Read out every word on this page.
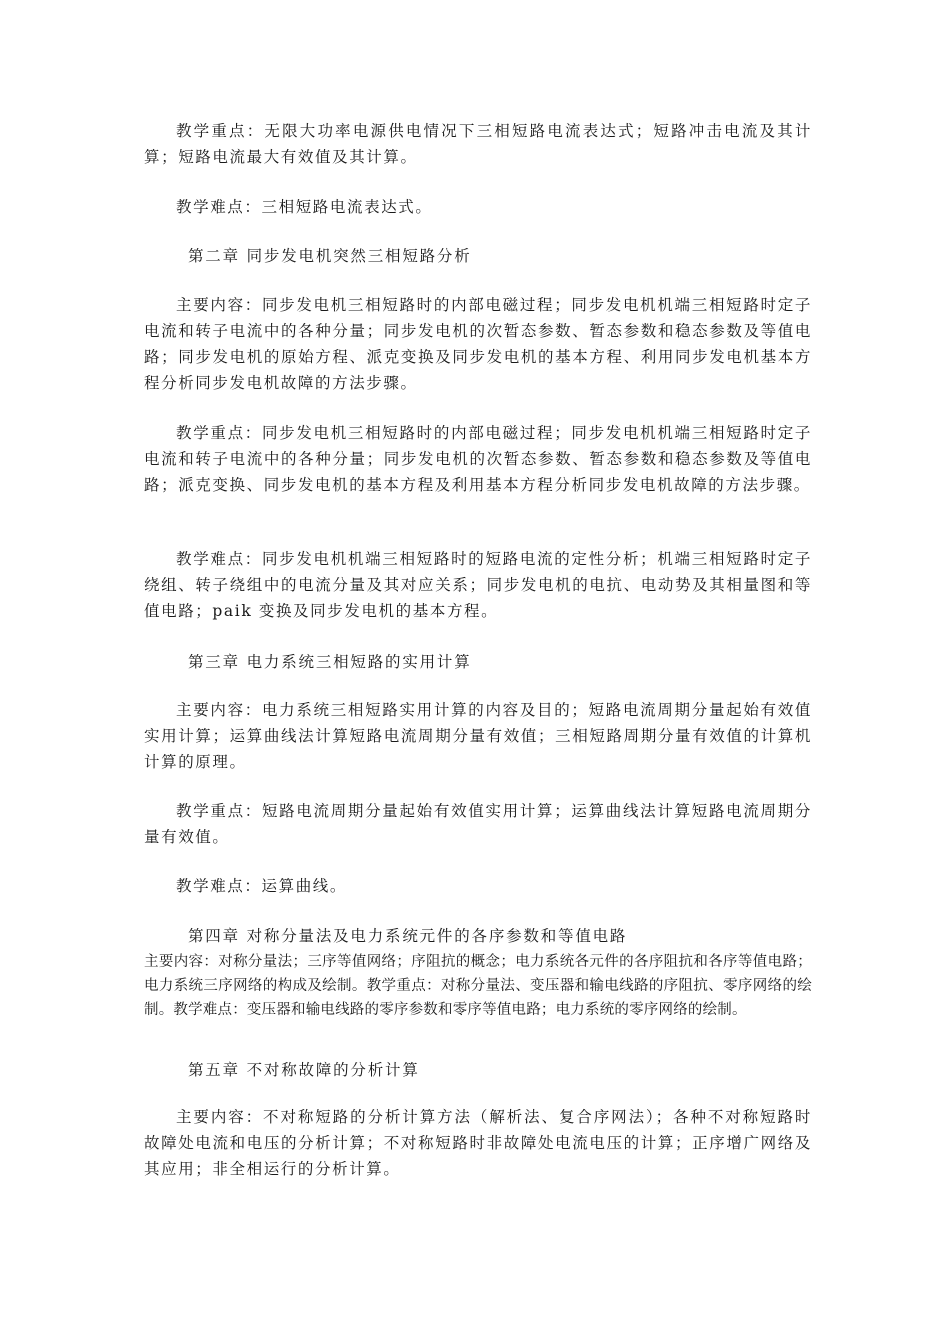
教学重点：无限大功率电源供电情况下三相短路电流表达式；短路冲击电流及其计算；短路电流最大有效值及其计算。

教学难点：三相短路电流表达式。

第二章 同步发电机突然三相短路分析

主要内容：同步发电机三相短路时的内部电磁过程；同步发电机机端三相短路时定子电流和转子电流中的各种分量；同步发电机的次暂态参数、暂态参数和稳态参数及等值电路；同步发电机的原始方程、派克变换及同步发电机的基本方程、利用同步发电机基本方程分析同步发电机故障的方法步骤。

教学重点：同步发电机三相短路时的内部电磁过程；同步发电机机端三相短路时定子电流和转子电流中的各种分量；同步发电机的次暂态参数、暂态参数和稳态参数及等值电路；派克变换、同步发电机的基本方程及利用基本方程分析同步发电机故障的方法步骤。

教学难点：同步发电机机端三相短路时的短路电流的定性分析；机端三相短路时定子绕组、转子绕组中的电流分量及其对应关系；同步发电机的电抗、电动势及其相量图和等值电路；paik 变换及同步发电机的基本方程。

第三章 电力系统三相短路的实用计算

主要内容：电力系统三相短路实用计算的内容及目的；短路电流周期分量起始有效值实用计算；运算曲线法计算短路电流周期分量有效值；三相短路周期分量有效值的计算机计算的原理。

教学重点：短路电流周期分量起始有效值实用计算；运算曲线法计算短路电流周期分量有效值。

教学难点：运算曲线。

第四章 对称分量法及电力系统元件的各序参数和等值电路

主要内容：对称分量法；三序等值网络；序阻抗的概念；电力系统各元件的各序阻抗和各序等值电路；电力系统三序网络的构成及绘制。教学重点：对称分量法、变压器和输电线路的序阻抗、零序网络的绘制。教学难点：变压器和输电线路的零序参数和零序等值电路；电力系统的零序网络的绘制。

第五章 不对称故障的分析计算

主要内容：不对称短路的分析计算方法（解析法、复合序网法）；各种不对称短路时故障处电流和电压的分析计算；不对称短路时非故障处电流电压的计算；正序增广网络及其应用；非全相运行的分析计算。
